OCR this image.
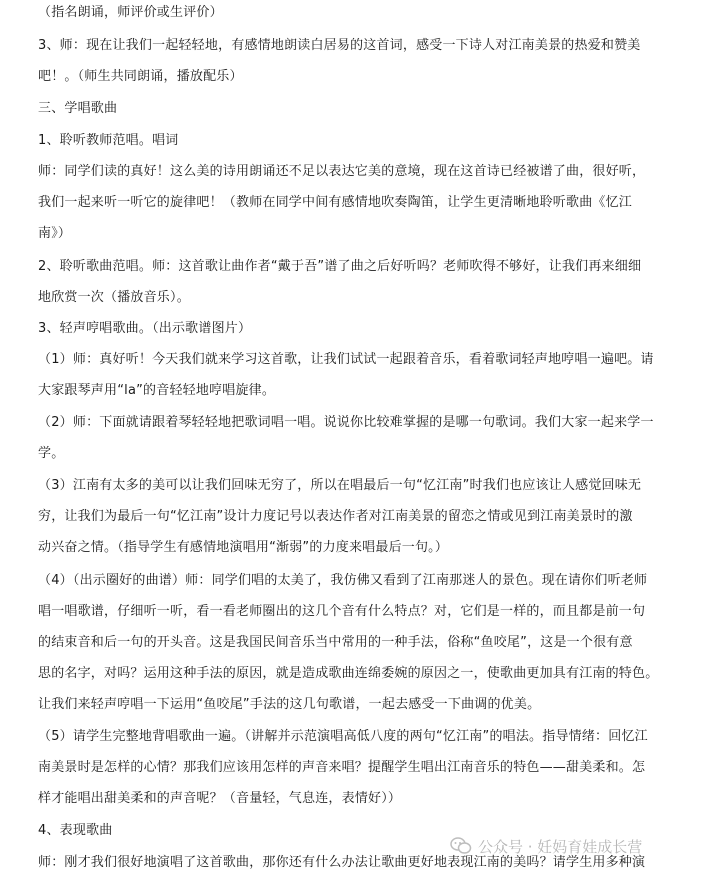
（指名朗诵，师评价或生评价）
3、师：现在让我们一起轻轻地，有感情地朗读白居易的这首词，感受一下诗人对江南美景的热爱和赞美
吧！。（师生共同朗诵，播放配乐）
三、学唱歌曲
1、聆听教师范唱。唱词
师：同学们读的真好！这么美的诗用朗诵还不足以表达它美的意境，现在这首诗已经被谱了曲，很好听，
我们一起来听一听它的旋律吧！（教师在同学中间有感情地吹奏陶笛，让学生更清晰地聆听歌曲《忆江
南》）
2、聆听歌曲范唱。师：这首歌让曲作者“戴于吾”谱了曲之后好听吗？老师吹得不够好，让我们再来细细
地欣赏一次（播放音乐）。
3、轻声哼唱歌曲。（出示歌谱图片）
（1）师：真好听！今天我们就来学习这首歌，让我们试试一起跟着音乐，看着歌词轻声地哼唱一遍吧。请
大家跟琴声用“la”的音轻轻地哼唱旋律。
（2）师：下面就请跟着琴轻轻地把歌词唱一唱。说说你比较难掌握的是哪一句歌词。我们大家一起来学一
学。
（3）江南有太多的美可以让我们回味无穷了，所以在唱最后一句“忆江南”时我们也应该让人感觉回味无
穷，让我们为最后一句“忆江南”设计力度记号以表达作者对江南美景的留恋之情或见到江南美景时的激
动兴奋之情。（指导学生有感情地演唱用“渐弱”的力度来唱最后一句。）
（4）（出示圈好的曲谱）师：同学们唱的太美了，我仿佛又看到了江南那迷人的景色。现在请你们听老师
唱一唱歌谱，仔细听一听，看一看老师圈出的这几个音有什么特点？对，它们是一样的，而且都是前一句
的结束音和后一句的开头音。这是我国民间音乐当中常用的一种手法，俗称“鱼咬尾”，这是一个很有意
思的名字，对吗？运用这种手法的原因，就是造成歌曲连绵委婉的原因之一，使歌曲更加具有江南的特色。
让我们来轻声哼唱一下运用“鱼咬尾”手法的这几句歌谱，一起去感受一下曲调的优美。
（5）请学生完整地背唱歌曲一遍。（讲解并示范演唱高低八度的两句“忆江南”的唱法。指导情绪：回忆江
南美景时是怎样的心情？那我们应该用怎样的声音来唱？提醒学生唱出江南音乐的特色——甜美柔和。怎
样才能唱出甜美柔和的声音呢？（音量轻，气息连，表情好））
4、表现歌曲
师：刚才我们很好地演唱了这首歌曲，那你还有什么办法让歌曲更好地表现江南的美吗？请学生用多种演
公众号 · 妊妈育娃成长营
